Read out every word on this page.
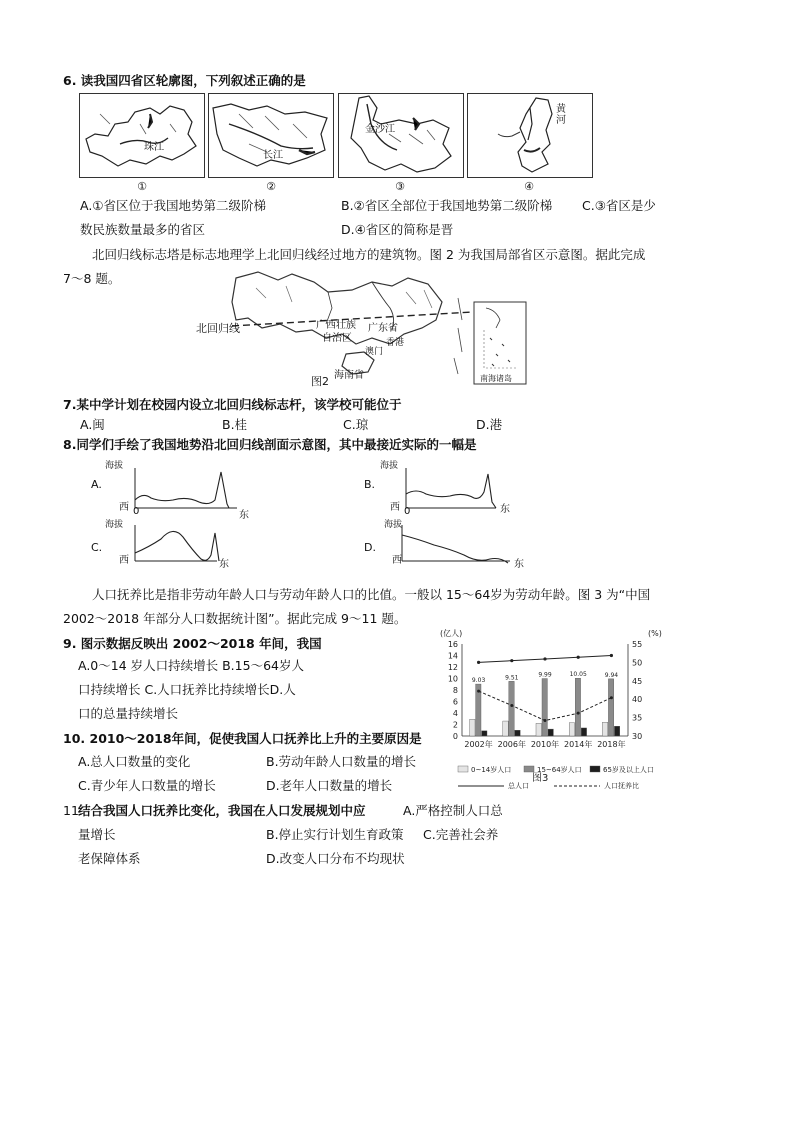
6. 读我国四省区轮廓图，下列叙述正确的是
珠江
长江
金沙江
黄河
①	②	③	④
A.①省区位于我国地势第二级阶梯	B.②省区全部位于我国地势第二级阶梯 C.③省区是少
数民族数量最多的省区	D.④省区的简称是晋
北回归线标志塔是标志地理学上北回归线经过地方的建筑物。图 2 为我国局部省区示意图。据此完成
7～8 题。
北回归线	广西壮族
自治区
广东省
香港
澳门
海南省	南海诸岛
图2
7.某中学计划在校园内设立北回归线标志杆，该学校可能位于
A.闽	B.桂	C.琼	D.港
8.同学们手绘了我国地势沿北回归线剖面示意图，其中最接近实际的一幅是
海拔
A.
西 0	东
海拔
B.
西 0	东
海拔
C.
西	东
海拔
D.
西	东
人口抚养比是指非劳动年龄人口与劳动年龄人口的比值。一般以 15～64岁为劳动年龄。图 3 为“中国
2002～2018 年部分人口数据统计图”。据此完成 9～11 题。
9. 图示数据反映出 2002～2018 年间，我国
A.0～14 岁人口持续增长 B.15～64岁人
口持续增长 C.人口抚养比持续增长D.人
口的总量持续增长
(亿人)	(%)
0
2
4
6
8
10
12
14
16
30
35
40
45
50
55
9.03
2002年
9.51
2006年
9.99
2010年
10.05
2014年
9.94
2018年
0~14岁人口	15~64岁人口	65岁及以上人口
总人口	人口抚养比
图3
10. 2010～2018年间，促使我国人口抚养比上升的主要原因是
A.总人口数量的变化	B.劳动年龄人口数量的增长
C.青少年人口数量的增长	D.老年人口数量的增长
11.
结合我国人口抚养比变化，我国在人口发展规划中应	A.严格控制人口总
量增长	B.停止实行计划生育政策 C.完善社会养
老保障体系	D.改变人口分布不均现状
